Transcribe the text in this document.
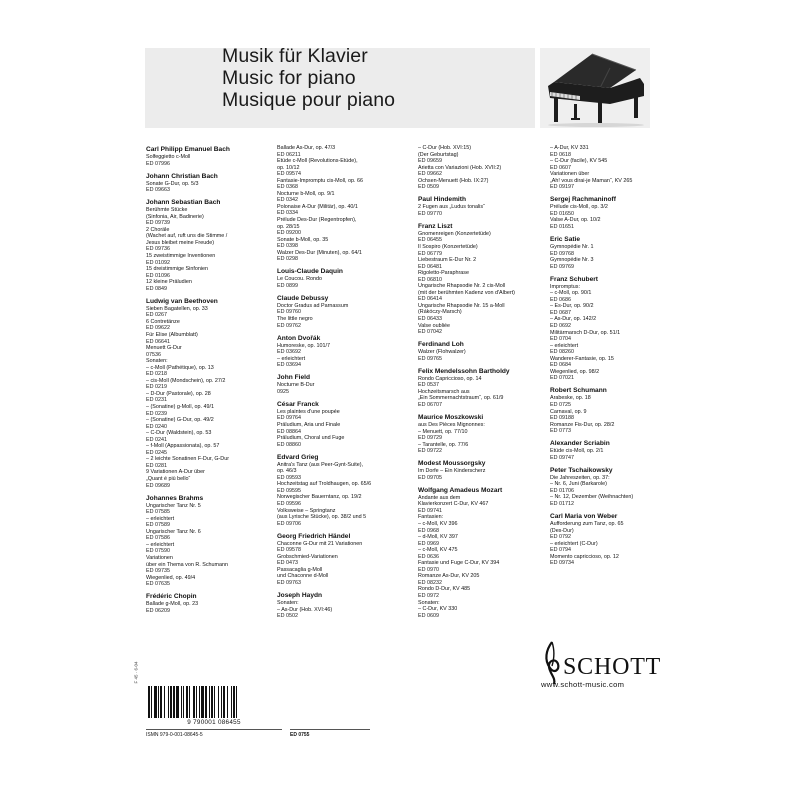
Musik für Klavier
Music for piano
Musique pour piano
F 45 · 6-04
Carl Philipp Emanuel Bach
Solfeggietto c-Moll
ED 07996
Johann Christian Bach
Sonate G-Dur, op. 5/3
ED 09663
Johann Sebastian Bach
Berühmte Stücke
(Sinfonia, Air, Badinerie)
ED 09739
2 Choräle
(Wachet auf, ruft uns die Stimme /
Jesus bleibet meine Freude)
ED 09736
15 zweistimmige Inventionen
ED 01092
15 dreistimmige Sinfonien
ED 01096
12 kleine Präludien
ED 0849
Ludwig van Beethoven
Sieben Bagatellen, op. 33
ED 0267
6 Contretänze
ED 09622
Für Elise (Albumblatt)
ED 06641
Menuett G-Dur
07536
Sonaten:
– c-Moll (Pathétique), op. 13
ED 0218
– cis-Moll (Mondschein), op. 27/2
ED 0219
– D-Dur (Pastorale), op. 28
ED 0231
– (Sonatine) g-Moll, op. 49/1
ED 0239
– (Sonatine) G-Dur, op. 49/2
ED 0240
– C-Dur (Waldstein), op. 53
ED 0241
– f-Moll (Appassionata), op. 57
ED 0245
– 2 leichte Sonatinen F-Dur, G-Dur
ED 0281
9 Variationen A-Dur über
„Quant é più bello“
ED 09689
Johannes Brahms
Ungarischer Tanz Nr. 5
ED 07585
– erleichtert
ED 07589
Ungarischer Tanz Nr. 6
ED 07586
– erleichtert
ED 07590
Variationen
über ein Thema von R. Schumann
ED 09735
Wiegenlied, op. 49/4
ED 07635
Frédéric Chopin
Ballade g-Moll, op. 23
ED 06209
Ballade As-Dur, op. 47/3
ED 06211
Etüde c-Moll (Revolutions-Etüde),
op. 10/12
ED 09574
Fantasie-Impromptu cis-Moll, op. 66
ED 0368
Nocturne b-Moll, op. 9/1
ED 0342
Polonaise A-Dur (Militär), op. 40/1
ED 0334
Prélude Des-Dur (Regentropfen),
op. 28/15
ED 09200
Sonate b-Moll, op. 35
ED 0398
Walzer Des-Dur (Minuten), op. 64/1
ED 0298
Louis-Claude Daquin
Le Coucou. Rondo
ED 0899
Claude Debussy
Doctor Gradus ad Parnassum
ED 09760
The little negro
ED 09762
Anton Dvořák
Humoreske, op. 101/7
ED 03692
– erleichtert
ED 03694
John Field
Nocturne B-Dur
0925
César Franck
Les plaintes d'une poupée
ED 09764
Präludium, Aria und Finale
ED 08864
Präludium, Choral und Fuge
ED 08860
Edvard Grieg
Anitra's Tanz (aus Peer-Gynt-Suite),
op. 46/3
ED 09593
Hochzeitstag auf Troldhaugen, op. 65/6
ED 09595
Norwegischer Bauerntanz, op. 19/2
ED 09596
Volksweise – Springtanz
(aus Lyrische Stücke), op. 38/2 und 5
ED 09706
Georg Friedrich Händel
Chaconne G-Dur mit 21 Variationen
ED 09578
Grobschmied-Variationen
ED 0473
Passacaglia g-Moll
und Chaconne d-Moll
ED 09763
Joseph Haydn
Sonaten:
– As-Dur (Hob. XVI:46)
ED 0502
– C-Dur (Hob. XVI:15)
(Der Geburtstag)
ED 09659
Arietta con Variazioni (Hob. XVII:2)
ED 09662
Ochsen-Menuett (Hob. IX:27)
ED 0509
Paul Hindemith
2 Fugen aus „Ludus tonalis“
ED 09770
Franz Liszt
Gnomenreigen (Konzertetüde)
ED 06455
Il Sospiro (Konzertetüde)
ED 06779
Liebestraum E-Dur Nr. 2
ED 06481
Rigoletto-Paraphrase
ED 06810
Ungarische Rhapsodie Nr. 2 cis-Moll
(mit der berühmten Kadenz von d'Albert)
ED 06414
Ungarische Rhapsodie Nr. 15 a-Moll
(Rákóczy-Marsch)
ED 06433
Valse oubliée
ED 07042
Ferdinand Loh
Walzer (Flohwalzer)
ED 09765
Felix Mendelssohn Bartholdy
Rondo Capriccioso, op. 14
ED 0537
Hochzeitsmarsch aus
„Ein Sommernachtstraum“, op. 61/9
ED 06707
Maurice Moszkowski
aus Des Pièces Mignonnes:
– Menuett, op. 77/10
ED 09729
– Tarantelle, op. 77/6
ED 09722
Modest Moussorgsky
Im Dorfe – Ein Kinderscherz
ED 09705
Wolfgang Amadeus Mozart
Andante aus dem
Klavierkonzert C-Dur, KV 467
ED 09741
Fantasien:
– c-Moll, KV 396
ED 0968
– d-Moll, KV 397
ED 0969
– c-Moll, KV 475
ED 0636
Fantasie und Fuge C-Dur, KV 394
ED 0970
Romanze As-Dur, KV 205
ED 08232
Rondo D-Dur, KV 485
ED 0972
Sonaten:
– C-Dur, KV 330
ED 0609
– A-Dur, KV 331
ED 0618
– C-Dur (facile), KV 545
ED 0607
Variationen über
„Ah! vous dirai-je Maman“, KV 265
ED 09197
Sergej Rachmaninoff
Prélude cis-Moll, op. 3/2
ED 01650
Valse A-Dur, op. 10/2
ED 01651
Eric Satie
Gymnopédie Nr. 1
ED 09768
Gymnopédie Nr. 3
ED 09769
Franz Schubert
Impromptus:
– c-Moll, op. 90/1
ED 0686
– Es-Dur, op. 90/2
ED 0687
– As-Dur, op. 142/2
ED 0692
Militärmarsch D-Dur, op. 51/1
ED 0704
– erleichtert
ED 08260
Wanderer-Fantasie, op. 15
ED 0684
Wiegenlied, op. 98/2
ED 07021
Robert Schumann
Arabeske, op. 18
ED 0725
Carnaval, op. 9
ED 09188
Romanze Fis-Dur, op. 28/2
ED 0773
Alexander Scriabin
Etüde cis-Moll, op. 2/1
ED 09747
Peter Tschaikowsky
Die Jahreszeiten, op. 37:
– Nr. 6, Juni (Barkarole)
ED 01706
– Nr. 12, Dezember (Weihnachten)
ED 01712
Carl Maria von Weber
Aufforderung zum Tanz, op. 65
(Des-Dur)
ED 0792
– erleichtert (C-Dur)
ED 0794
Momento capriccioso, op. 12
ED 09734
9 790001 086455
ISMN 979-0-001-08645-5	ED 0755
SCHOTT
www.schott-music.com
